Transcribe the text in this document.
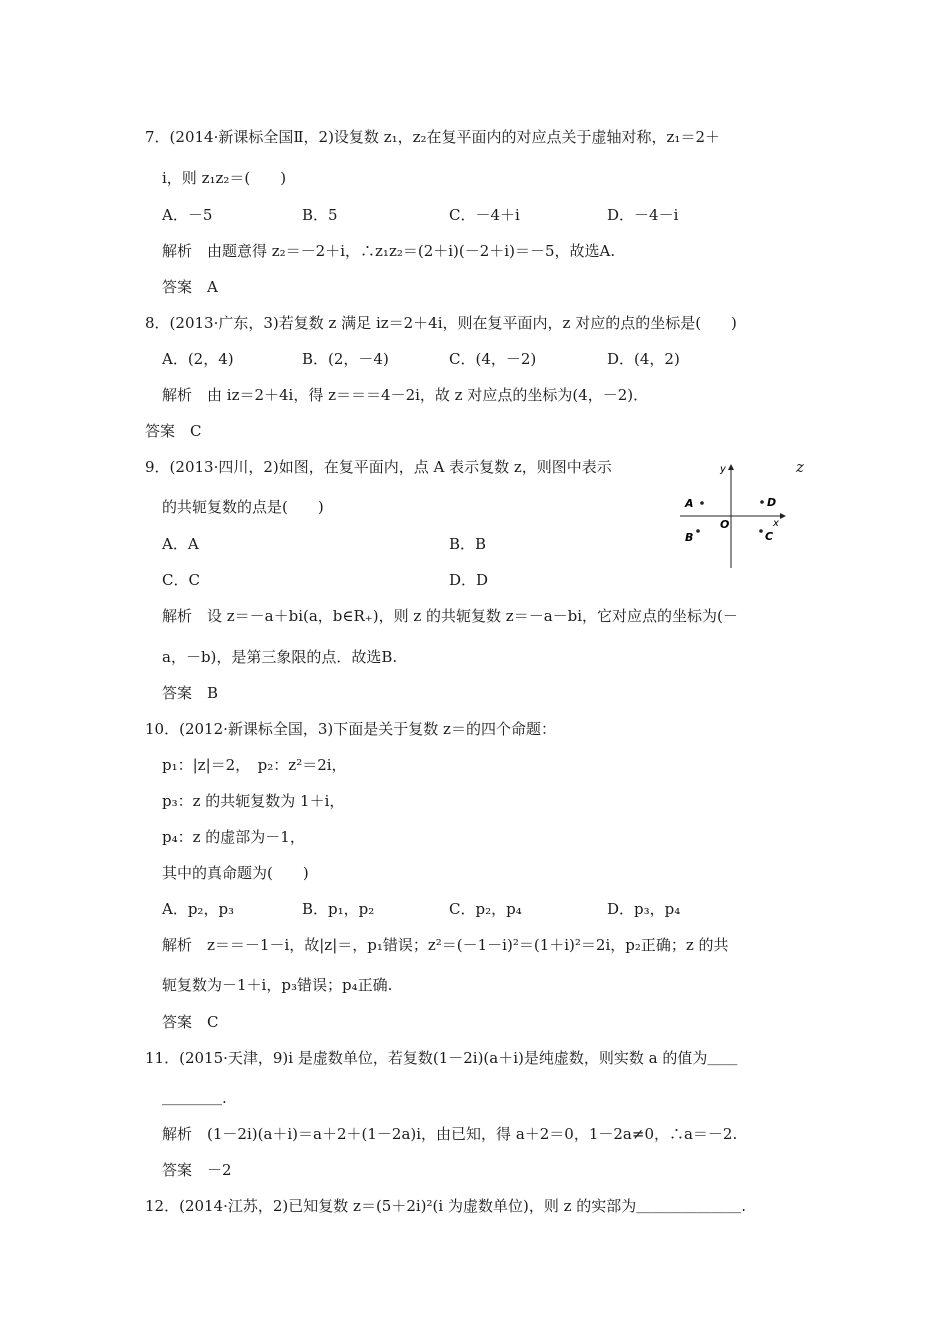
7．(2014·新课标全国Ⅱ，2)设复数 z₁，z₂在复平面内的对应点关于虚轴对称，z₁＝2＋
i，则 z₁z₂＝(　　)
A．－5	B．5	C．－4＋i	D．－4－i
解析　由题意得 z₂＝－2＋i，∴z₁z₂＝(2＋i)(－2＋i)＝－5，故选A.
答案　A
8．(2013·广东，3)若复数 z 满足 iz＝2＋4i，则在复平面内，z 对应的点的坐标是(　　)
A．(2，4)	B．(2，－4)	C．(4，－2)	D．(4，2)
解析　由 iz＝2＋4i，得 z＝＝＝4－2i，故 z 对应点的坐标为(4，－2)．
答案　C
9．(2013·四川，2)如图，在复平面内，点 A 表示复数 z，则图中表示	z
的共轭复数的点是(　　)
A．A	B．B
C．C	D．D
y
x
O
A
B	C
D
解析　设 z＝－a＋bi(a，b∈R₊)，则 z 的共轭复数 z＝－a－bi，它对应点的坐标为(－
a，－b)，是第三象限的点．故选B.
答案　B
10．(2012·新课标全国，3)下面是关于复数 z＝的四个命题：
p₁：|z|＝2，　p₂：z²＝2i，
p₃：z 的共轭复数为 1＋i，
p₄：z 的虚部为－1，
其中的真命题为(　　)
A．p₂，p₃	B．p₁，p₂	C．p₂，p₄	D．p₃，p₄
解析　z＝＝－1－i，故|z|＝，p₁错误；z²＝(－1－i)²＝(1＋i)²＝2i，p₂正确；z 的共
轭复数为－1＋i，p₃错误；p₄正确.
答案　C
11．(2015·天津，9)i 是虚数单位，若复数(1－2i)(a＋i)是纯虚数，则实数 a 的值为＿＿
＿＿＿＿.
解析　(1－2i)(a＋i)＝a＋2＋(1－2a)i，由已知，得 a＋2＝0，1－2a≠0，∴a＝－2.
答案　－2
12．(2014·江苏，2)已知复数 z＝(5＋2i)²(i 为虚数单位)，则 z 的实部为＿＿＿＿＿＿＿.
